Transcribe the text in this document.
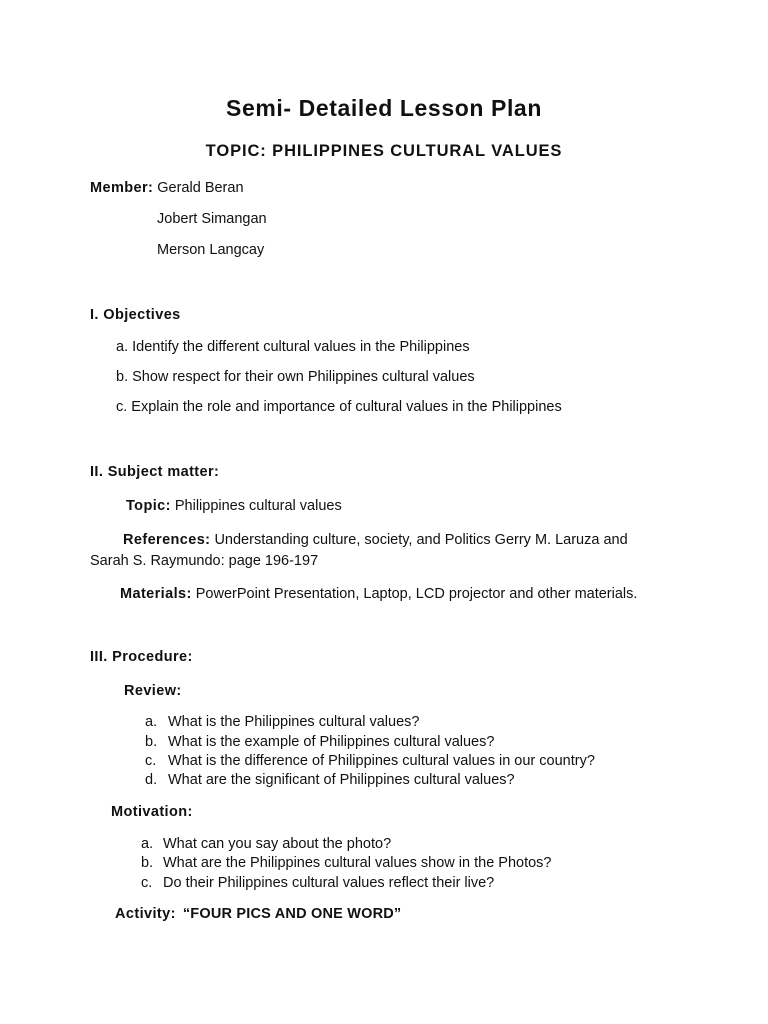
Semi- Detailed Lesson Plan
TOPIC: PHILIPPINES CULTURAL VALUES
Member: Gerald Beran
Jobert Simangan
Merson Langcay
I. Objectives
a. Identify the different cultural values in the Philippines
b. Show respect for their own Philippines cultural values
c. Explain the role and importance of cultural values in the Philippines
II. Subject matter:
Topic: Philippines cultural values
References: Understanding culture, society, and Politics Gerry M. Laruza and
Sarah S. Raymundo: page 196-197
Materials: PowerPoint Presentation, Laptop, LCD projector and other materials.
III. Procedure:
Review:
a. What is the Philippines cultural values?
b. What is the example of Philippines cultural values?
c. What is the difference of Philippines cultural values in our country?
d. What are the significant of Philippines cultural values?
Motivation:
a. What can you say about the photo?
b. What are the Philippines cultural values show in the Photos?
c. Do their Philippines cultural values reflect their live?
Activity: “FOUR PICS AND ONE WORD”
